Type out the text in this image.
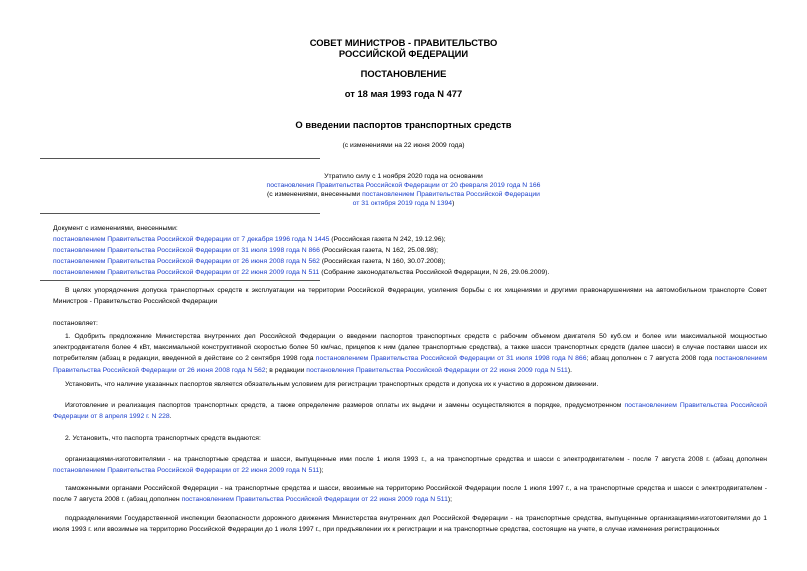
СОВЕТ МИНИСТРОВ - ПРАВИТЕЛЬСТВО
РОССИЙСКОЙ ФЕДЕРАЦИИ
ПОСТАНОВЛЕНИЕ
от 18 мая 1993 года N 477
О введении паспортов транспортных средств
(с изменениями на 22 июня 2009 года)
Утратило силу с 1 ноября 2020 года на основании
постановления Правительства Российской Федерации от 20 февраля 2019 года N 166
(с изменениями, внесенными постановлением Правительства Российской Федерации
от 31 октября 2019 года N 1394)
Документ с изменениями, внесенными:
постановлением Правительства Российской Федерации от 7 декабря 1996 года N 1445 (Российская газета N 242, 19.12.96);
постановлением Правительства Российской Федерации от 31 июля 1998 года N 866 (Российская газета, N 162, 25.08.98);
постановлением Правительства Российской Федерации от 26 июня 2008 года N 562 (Российская газета, N 160, 30.07.2008);
постановлением Правительства Российской Федерации от 22 июня 2009 года N 511 (Собрание законодательства Российской Федерации, N 26, 29.06.2009).

В целях упорядочения допуска транспортных средств к эксплуатации на территории Российской Федерации, усиления борьбы с их хищениями и другими правонарушениями на автомобильном транспорте Совет Министров - Правительство Российской Федерации

постановляет:

1. Одобрить предложение Министерства внутренних дел Российской Федерации о введении паспортов транспортных средств с рабочим объемом двигателя 50 куб.см и более или максимальной мощностью электродвигателя более 4 кВт, максимальной конструктивной скоростью более 50 км/час, прицепов к ним (далее транспортные средства), а также шасси транспортных средств (далее шасси) в случае поставки шасси их потребителям (абзац в редакции, введенной в действие со 2 сентября 1998 года постановлением Правительства Российской Федерации от 31 июля 1998 года N 866; абзац дополнен с 7 августа 2008 года постановлением Правительства Российской Федерации от 26 июня 2008 года N 562; в редакции постановления Правительства Российской Федерации от 22 июня 2009 года N 511).

Установить, что наличие указанных паспортов является обязательным условием для регистрации транспортных средств и допуска их к участию в дорожном движении.

Изготовление и реализация паспортов транспортных средств, а также определение размеров оплаты их выдачи и замены осуществляются в порядке, предусмотренном постановлением Правительства Российской Федерации от 8 апреля 1992 г. N 228.

2. Установить, что паспорта транспортных средств выдаются:

организациями-изготовителями - на транспортные средства и шасси, выпущенные ими после 1 июля 1993 г., а на транспортные средства и шасси с электродвигателем - после 7 августа 2008 г. (абзац дополнен постановлением Правительства Российской Федерации от 22 июня 2009 года N 511);

таможенными органами Российской Федерации - на транспортные средства и шасси, ввозимые на территорию Российской Федерации после 1 июля 1997 г., а на транспортные средства и шасси с электродвигателем - после 7 августа 2008 г. (абзац дополнен постановлением Правительства Российской Федерации от 22 июня 2009 года N 511);

подразделениями Государственной инспекции безопасности дорожного движения Министерства внутренних дел Российской Федерации - на транспортные средства, выпущенные организациями-изготовителями до 1 июля 1993 г. или ввозимые на территорию Российской Федерации до 1 июля 1997 г., при предъявлении их к регистрации и на транспортные средства, состоящие на учете, в случае изменения регистрационных
